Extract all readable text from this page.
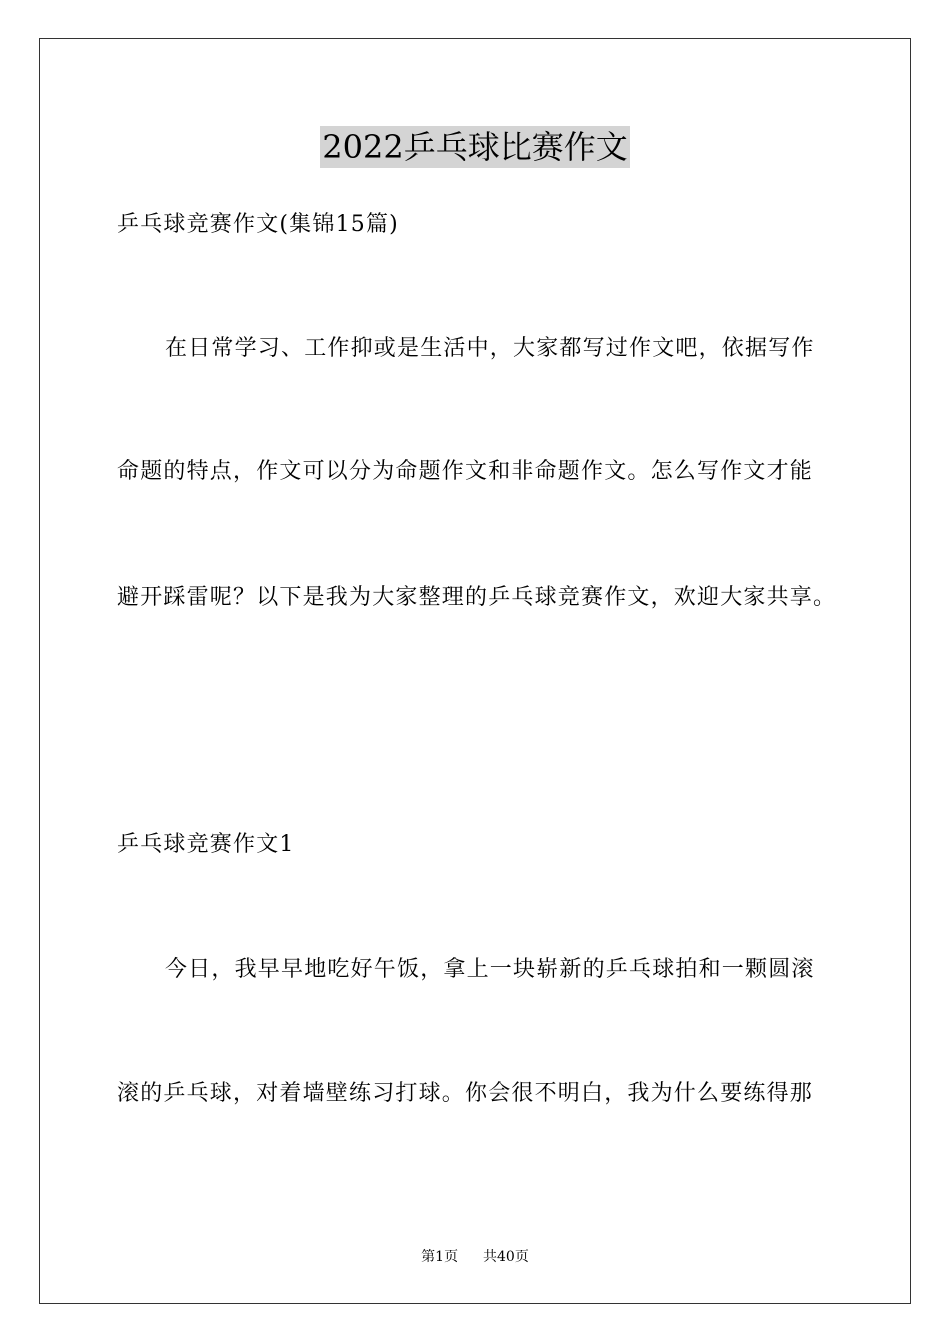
2022乒乓球比赛作文
乒乓球竞赛作文(集锦15篇)
在日常学习、工作抑或是生活中，大家都写过作文吧，依据写作
命题的特点，作文可以分为命题作文和非命题作文。怎么写作文才能
避开踩雷呢？以下是我为大家整理的乒乓球竞赛作文，欢迎大家共享。
乒乓球竞赛作文1
今日，我早早地吃好午饭，拿上一块崭新的乒乓球拍和一颗圆滚
滚的乒乓球，对着墙壁练习打球。你会很不明白，我为什么要练得那
第1页 共40页
